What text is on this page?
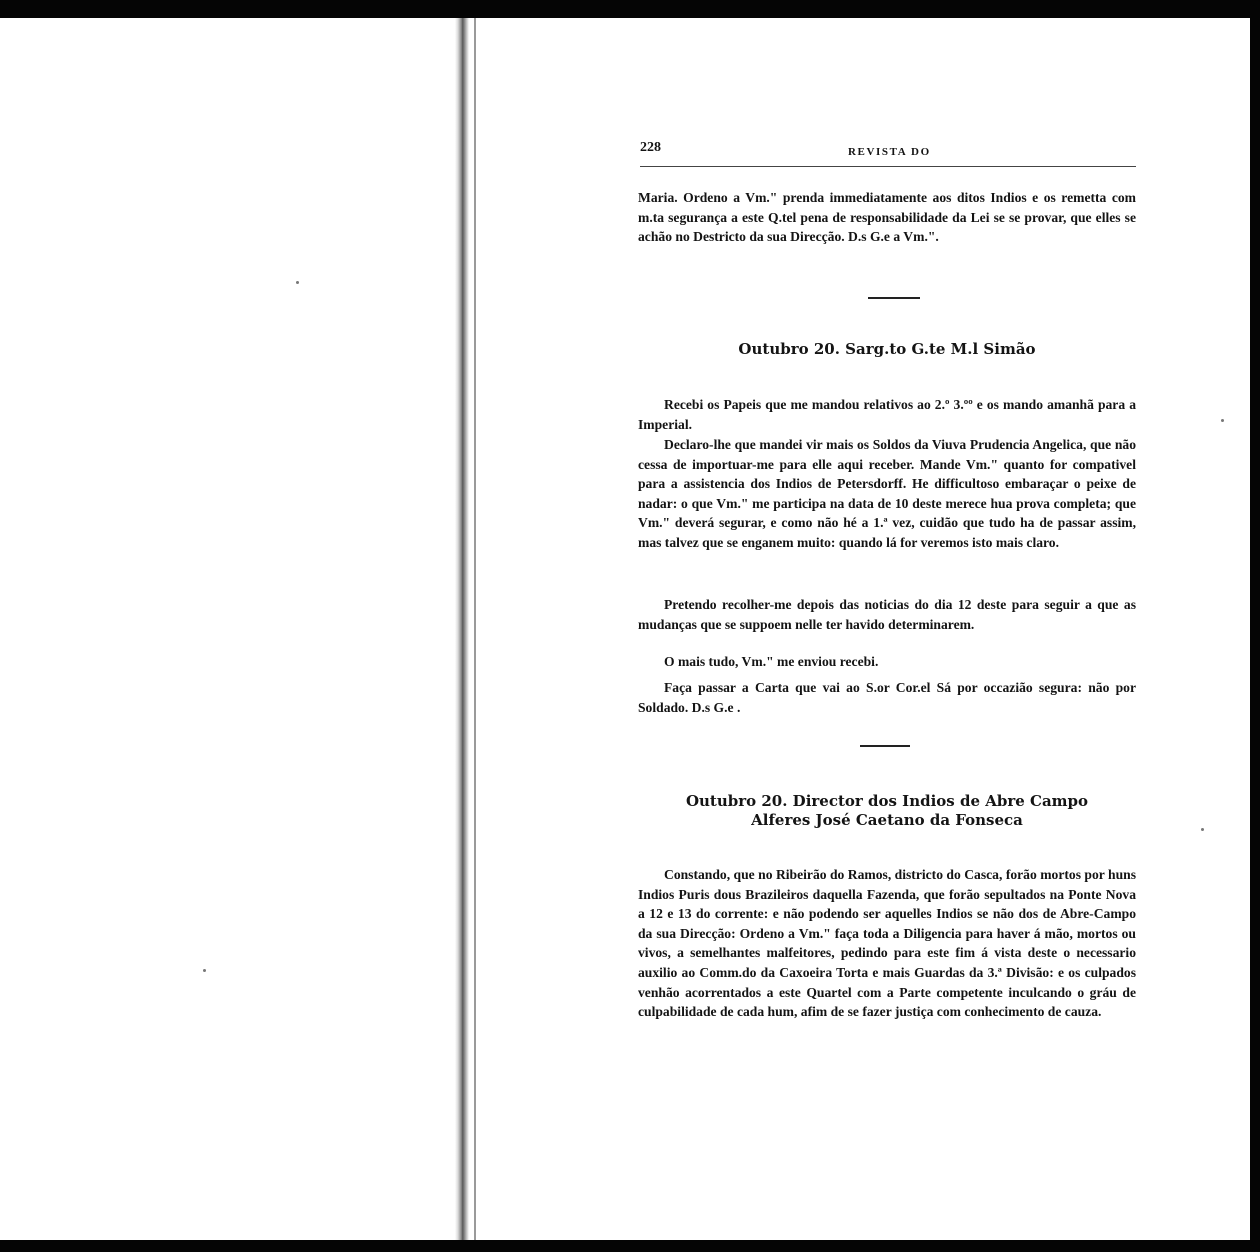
228	REVISTA DO

Maria. Ordeno a Vm." prenda immediatamente aos ditos Indios e os remetta com m.ta segurança a este Q.tel pena de responsabilidade da Lei se se provar, que elles se achão no Destricto da sua Direcção. D.s G.e a Vm.".

Outubro 20. Sarg.to G.te M.l Simão

Recebi os Papeis que me mandou relativos ao 2.º 3.ºº e os mando amanhã para a Imperial.

Declaro-lhe que mandei vir mais os Soldos da Viuva Prudencia Angelica, que não cessa de importuar-me para elle aqui receber. Mande Vm." quanto for compativel para a assistencia dos Indios de Petersdorff. He difficultoso embaraçar o peixe de nadar: o que Vm." me participa na data de 10 deste merece hua prova completa; que Vm." deverá segurar, e como não hé a 1.ª vez, cuidão que tudo ha de passar assim, mas talvez que se enganem muito: quando lá for veremos isto mais claro.

Pretendo recolher-me depois das noticias do dia 12 deste para seguir a que as mudanças que se suppoem nelle ter havido determinarem.

O mais tudo, Vm." me enviou recebi.

Faça passar a Carta que vai ao S.or Cor.el Sá por occazião segura: não por Soldado. D.s G.e .

Outubro 20. Director dos Indios de Abre Campo
Alferes José Caetano da Fonseca

Constando, que no Ribeirão do Ramos, districto do Casca, forão mortos por huns Indios Puris dous Brazileiros daquella Fazenda, que forão sepultados na Ponte Nova a 12 e 13 do corrente: e não podendo ser aquelles Indios se não dos de Abre-Campo da sua Direcção: Ordeno a Vm." faça toda a Diligencia para haver á mão, mortos ou vivos, a semelhantes malfeitores, pedindo para este fim á vista deste o necessario auxilio ao Comm.do da Caxoeira Torta e mais Guardas da 3.ª Divisão: e os culpados venhão acorrentados a este Quartel com a Parte competente inculcando o gráu de culpabilidade de cada hum, afim de se fazer justiça com conhecimento de cauza.
